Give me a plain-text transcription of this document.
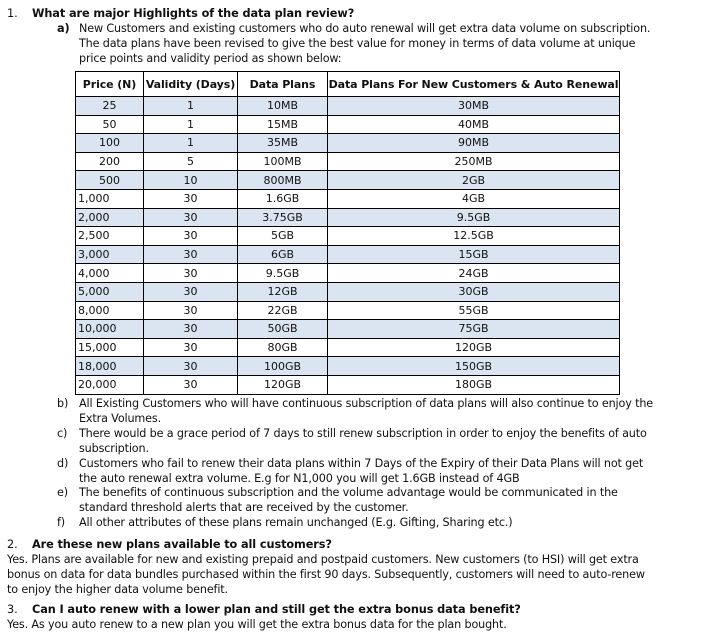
1. What are major Highlights of the data plan review?
a) New Customers and existing customers who do auto renewal will get extra data volume on subscription.
The data plans have been revised to give the best value for money in terms of data volume at unique
price points and validity period as shown below:
Price (N)	Validity (Days)	Data Plans	Data Plans For New Customers & Auto Renewal
25	1	10MB	30MB
50	1	15MB	40MB
100	1	35MB	90MB
200	5	100MB	250MB
500	10	800MB	2GB
1,000	30	1.6GB	4GB
2,000	30	3.75GB	9.5GB
2,500	30	5GB	12.5GB
3,000	30	6GB	15GB
4,000	30	9.5GB	24GB
5,000	30	12GB	30GB
8,000	30	22GB	55GB
10,000	30	50GB	75GB
15,000	30	80GB	120GB
18,000	30	100GB	150GB
20,000	30	120GB	180GB
b) All Existing Customers who will have continuous subscription of data plans will also continue to enjoy the
Extra Volumes.
c) There would be a grace period of 7 days to still renew subscription in order to enjoy the benefits of auto
subscription.
d) Customers who fail to renew their data plans within 7 Days of the Expiry of their Data Plans will not get
the auto renewal extra volume. E.g for N1,000 you will get 1.6GB instead of 4GB
e) The benefits of continuous subscription and the volume advantage would be communicated in the
standard threshold alerts that are received by the customer.
f) All other attributes of these plans remain unchanged (E.g. Gifting, Sharing etc.)
2. Are these new plans available to all customers?
Yes. Plans are available for new and existing prepaid and postpaid customers. New customers (to HSI) will get extra
bonus on data for data bundles purchased within the first 90 days. Subsequently, customers will need to auto-renew
to enjoy the higher data volume benefit.
3. Can I auto renew with a lower plan and still get the extra bonus data benefit?
Yes. As you auto renew to a new plan you will get the extra bonus data for the plan bought.
